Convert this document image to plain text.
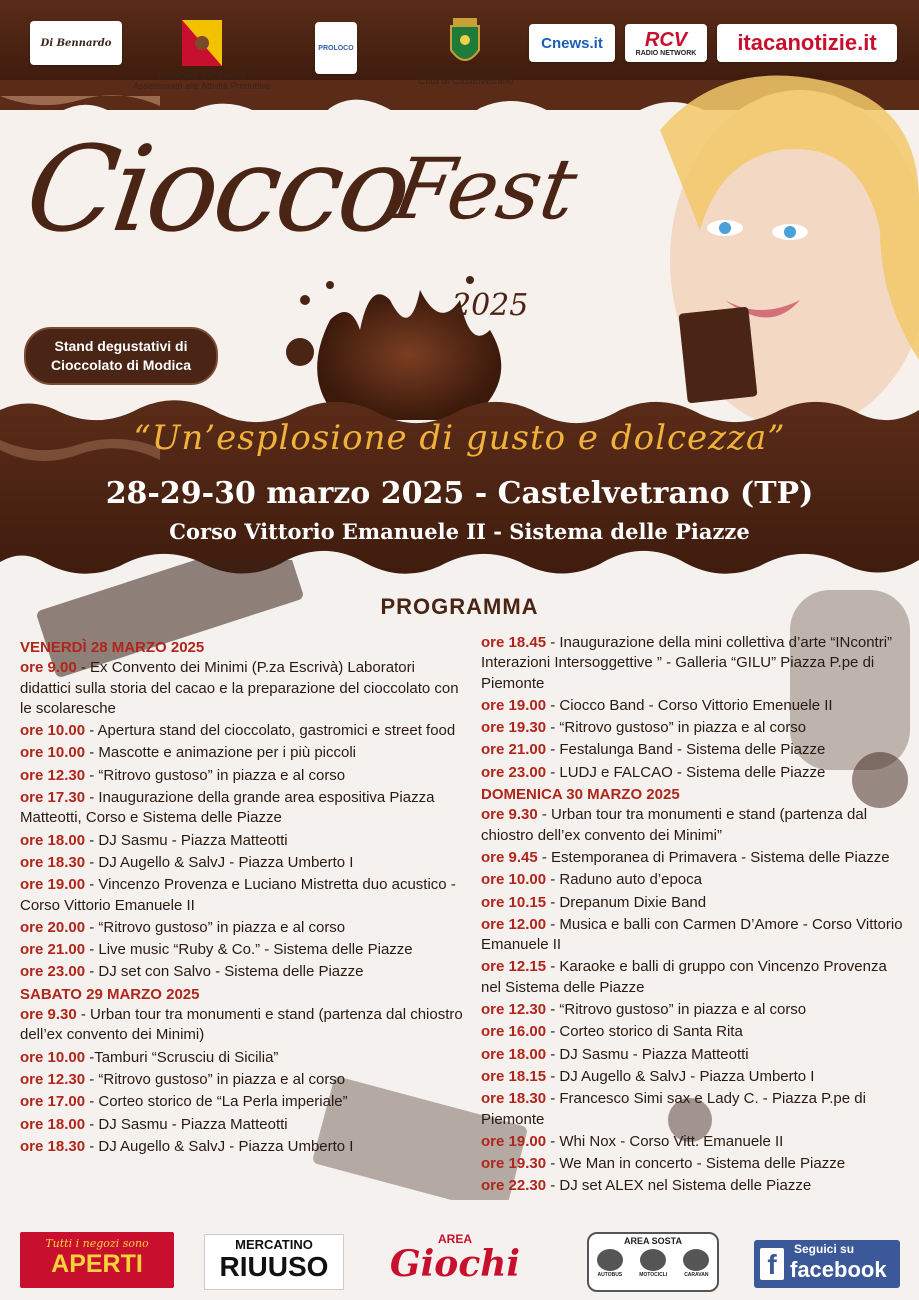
Di Bennardo
REGIONE SICILIANA
Assessorato alle Attività Produttive
PROLOCO
Città di Castelvetrano
Cnews.it	RCV
RADIO NETWORK	itacanotizie.it
Ciocco
Fest
2025
Stand degustativi di Cioccolato di Modica
“Un’esplosione di gusto e dolcezza”
28-29-30 marzo 2025 - Castelvetrano (TP)
Corso Vittorio Emanuele II - Sistema delle Piazze
PROGRAMMA
VENERDÌ 28 MARZO 2025
ore 9.00 - Ex Convento dei Minimi (P.za Escrivà) Laboratori didattici sulla storia del cacao e la preparazione del cioccolato con le scolaresche
ore 10.00 - Apertura stand del cioccolato, gastromici e street food
ore 10.00 - Mascotte e animazione per i più piccoli
ore 12.30 - “Ritrovo gustoso” in piazza e al corso
ore 17.30 - Inaugurazione della grande area espositiva Piazza Matteotti, Corso e Sistema delle Piazze
ore 18.00 - DJ Sasmu - Piazza Matteotti
ore 18.30 - DJ Augello & SalvJ - Piazza Umberto I
ore 19.00 - Vincenzo Provenza e Luciano Mistretta duo acustico - Corso Vittorio Emanuele II
ore 20.00 - “Ritrovo gustoso” in piazza e al corso
ore 21.00 - Live music “Ruby & Co.” - Sistema delle Piazze
ore 23.00 - DJ set con Salvo - Sistema delle Piazze
SABATO 29 MARZO 2025
ore 9.30 - Urban tour tra monumenti e stand (partenza dal chiostro dell’ex convento dei Minimi)
ore 10.00 -Tamburi “Scrusciu di Sicilia”
ore 12.30 - “Ritrovo gustoso” in piazza e al corso
ore 17.00 - Corteo storico de “La Perla imperiale”
ore 18.00 - DJ Sasmu - Piazza Matteotti
ore 18.30 - DJ Augello & SalvJ - Piazza Umberto I
ore 18.45 - Inaugurazione della mini collettiva d’arte “INcontri” Interazioni Intersoggettive ” - Galleria “GILU” Piazza P.pe di Piemonte
ore 19.00 - Ciocco Band - Corso Vittorio Emenuele II
ore 19.30 - “Ritrovo gustoso” in piazza e al corso
ore 21.00 - Festalunga Band - Sistema delle Piazze
ore 23.00 - LUDJ e FALCAO - Sistema delle Piazze
DOMENICA 30 MARZO 2025
ore 9.30 - Urban tour tra monumenti e stand (partenza dal chiostro dell’ex convento dei Minimi”
ore 9.45 - Estemporanea di Primavera - Sistema delle Piazze
ore 10.00 - Raduno auto d’epoca
ore 10.15 - Drepanum Dixie Band
ore 12.00 - Musica e balli con Carmen D’Amore - Corso Vittorio Emanuele II
ore 12.15 - Karaoke e balli di gruppo con Vincenzo Provenza nel Sistema delle Piazze
ore 12.30 - “Ritrovo gustoso” in piazza e al corso
ore 16.00 - Corteo storico di Santa Rita
ore 18.00 - DJ Sasmu - Piazza Matteotti
ore 18.15 - DJ Augello & SalvJ - Piazza Umberto I
ore 18.30 - Francesco Simi sax e Lady C. - Piazza P.pe di Piemonte
ore 19.00 - Whi Nox - Corso Vitt. Emanuele II
ore 19.30 - We Man in concerto - Sistema delle Piazze
ore 22.30 - DJ set ALEX nel Sistema delle Piazze
Tutti i negozi sono
APERTI
MERCATINO
RIUUSO
AREA
Giochi
AREA SOSTA
AUTOBUS	MOTOCICLI	CARAVAN f	Seguici su
facebook
